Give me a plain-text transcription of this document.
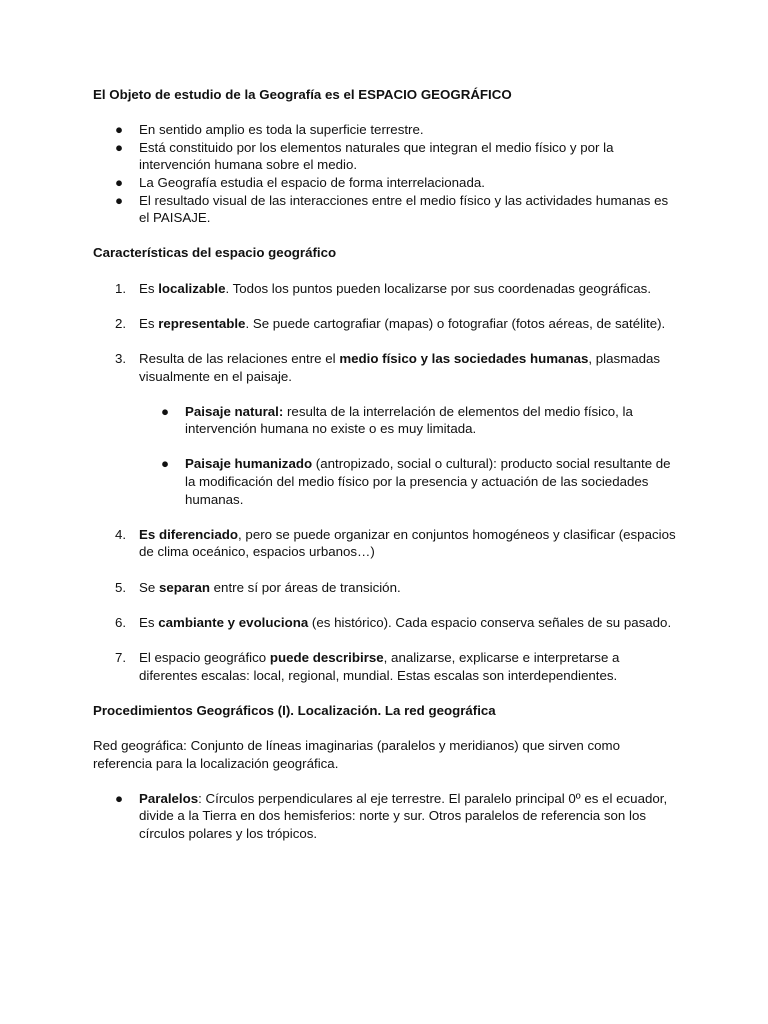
El Objeto de estudio de la Geografía es el ESPACIO GEOGRÁFICO
● En sentido amplio es toda la superficie terrestre.
● Está constituido por los elementos naturales que integran el medio físico y por la intervención humana sobre el medio.
● La Geografía estudia el espacio de forma interrelacionada.
● El resultado visual de las interacciones entre el medio físico y las actividades humanas es el PAISAJE.
Características del espacio geográfico
1. Es localizable. Todos los puntos pueden localizarse por sus coordenadas geográficas.
2. Es representable. Se puede cartografiar (mapas) o fotografiar (fotos aéreas, de satélite).
3. Resulta de las relaciones entre el medio físico y las sociedades humanas, plasmadas visualmente en el paisaje.
● Paisaje natural: resulta de la interrelación de elementos del medio físico, la intervención humana no existe o es muy limitada.
● Paisaje humanizado (antropizado, social o cultural): producto social resultante de la modificación del medio físico por la presencia y actuación de las sociedades humanas.
4. Es diferenciado, pero se puede organizar en conjuntos homogéneos y clasificar (espacios de clima oceánico, espacios urbanos…)
5. Se separan entre sí por áreas de transición.
6. Es cambiante y evoluciona (es histórico). Cada espacio conserva señales de su pasado.
7. El espacio geográfico puede describirse, analizarse, explicarse e interpretarse a diferentes escalas: local, regional, mundial. Estas escalas son interdependientes.
Procedimientos Geográficos (I). Localización. La red geográfica

Red geográfica: Conjunto de líneas imaginarias (paralelos y meridianos) que sirven como referencia para la localización geográfica.

● Paralelos: Círculos perpendiculares al eje terrestre. El paralelo principal 0º es el ecuador, divide a la Tierra en dos hemisferios: norte y sur. Otros paralelos de referencia son los círculos polares y los trópicos.
